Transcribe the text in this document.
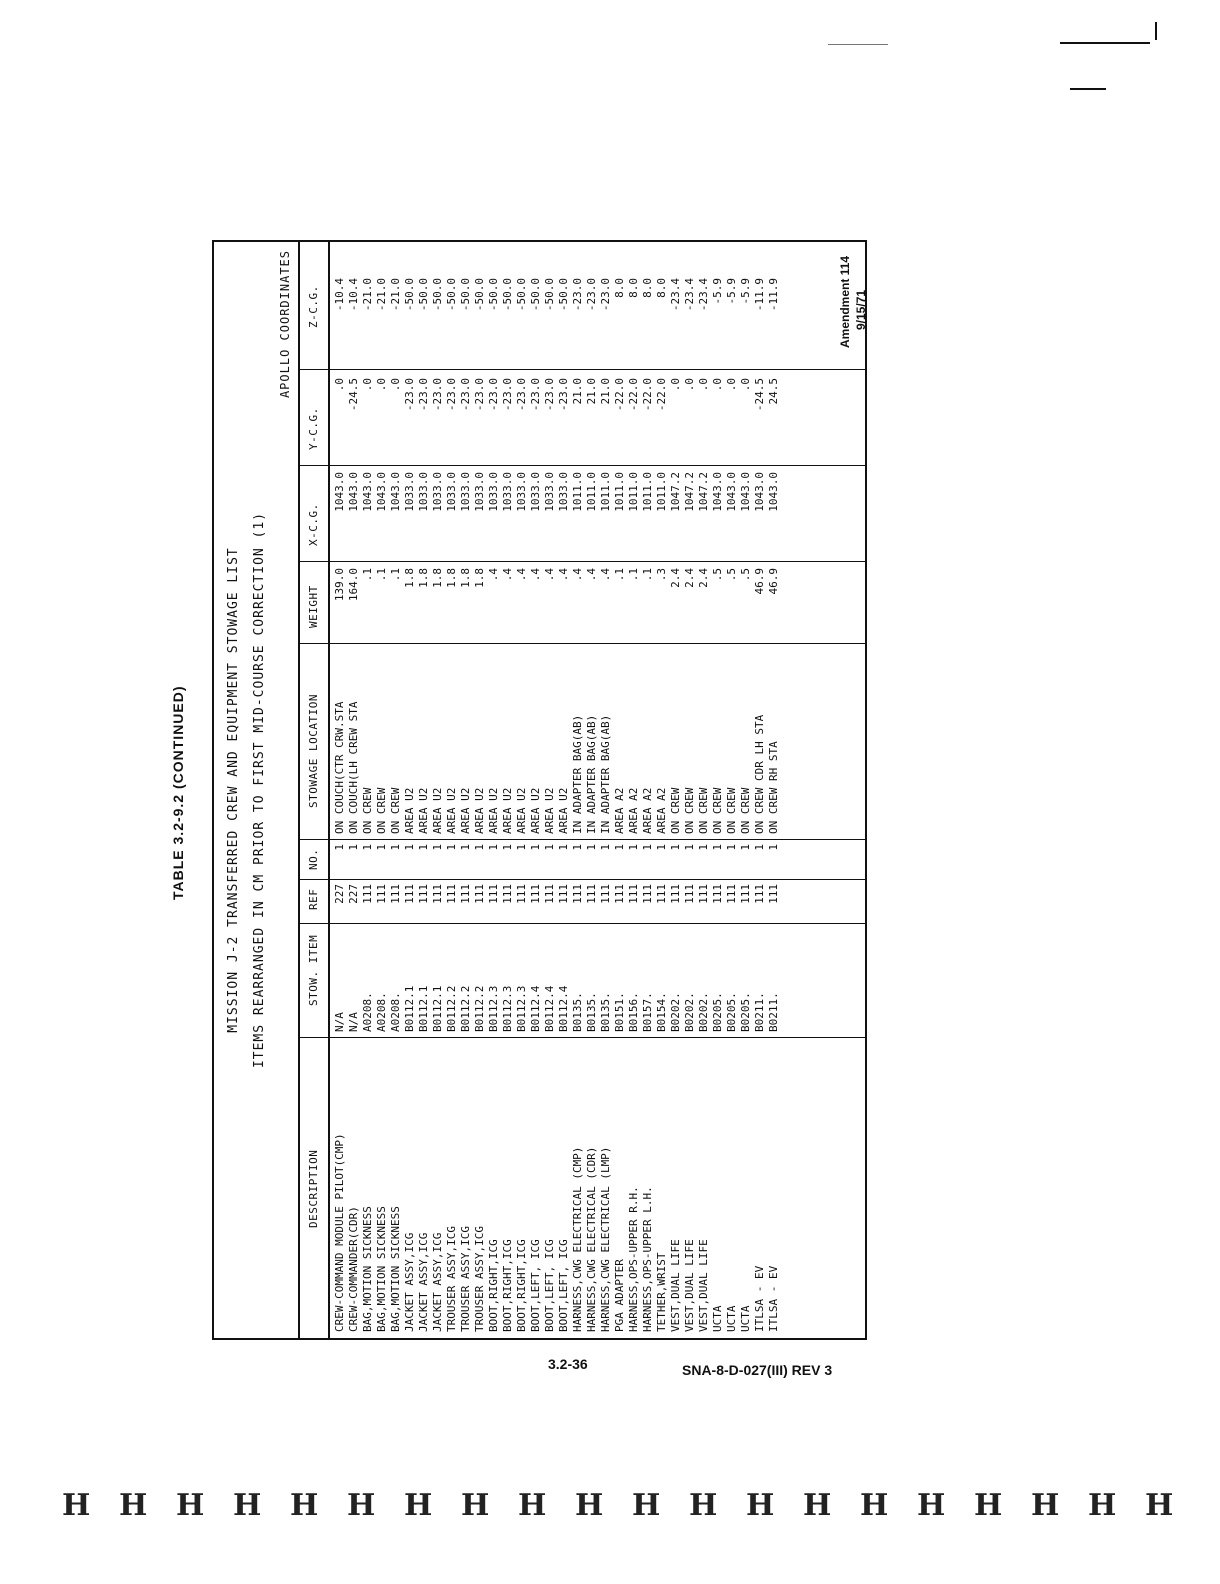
TABLE 3.2-9.2 (CONTINUED)
Amendment 114 9/15/71
MISSION J-2 TRANSFERRED CREW AND EQUIPMENT STOWAGE LIST ITEMS REARRANGED IN CM PRIOR TO FIRST MID-COURSE CORRECTION (1)
APOLLO COORDINATES
DESCRIPTION
STOW. ITEM
REF
NO.
STOWAGE LOCATION
WEIGHT
X-C.G.
Y-C.G.
Z-C.G.
CREW-COMMAND MODULE PILOT(CMP)
N/A
227
1
ON COUCH(CTR CRW.STA
139.0
1043.0
.0
-10.4
CREW-COMMANDER(CDR)
N/A
227
1
ON COUCH(LH CREW STA
164.0
1043.0
-24.5
-10.4
BAG,MOTION SICKNESS
A0208.
111
1
ON CREW
.1
1043.0
.0
-21.0
BAG,MOTION SICKNESS
A0208.
111
1
ON CREW
.1
1043.0
.0
-21.0
BAG,MOTION SICKNESS
A0208.
111
1
ON CREW
.1
1043.0
.0
-21.0
JACKET ASSY,ICG
B0112.1
111
1
AREA U2
1.8
1033.0
-23.0
-50.0
JACKET ASSY,ICG
B0112.1
111
1
AREA U2
1.8
1033.0
-23.0
-50.0
JACKET ASSY,ICG
B0112.1
111
1
AREA U2
1.8
1033.0
-23.0
-50.0
TROUSER ASSY,ICG
B0112.2
111
1
AREA U2
1.8
1033.0
-23.0
-50.0
TROUSER ASSY,ICG
B0112.2
111
1
AREA U2
1.8
1033.0
-23.0
-50.0
TROUSER ASSY,ICG
B0112.2
111
1
AREA U2
1.8
1033.0
-23.0
-50.0
BOOT,RIGHT,ICG
B0112.3
111
1
AREA U2
.4
1033.0
-23.0
-50.0
BOOT,RIGHT,ICG
B0112.3
111
1
AREA U2
.4
1033.0
-23.0
-50.0
BOOT,RIGHT,ICG
B0112.3
111
1
AREA U2
.4
1033.0
-23.0
-50.0
BOOT,LEFT, ICG
B0112.4
111
1
AREA U2
.4
1033.0
-23.0
-50.0
BOOT,LEFT, ICG
B0112.4
111
1
AREA U2
.4
1033.0
-23.0
-50.0
BOOT,LEFT, ICG
B0112.4
111
1
AREA U2
.4
1033.0
-23.0
-50.0
HARNESS,CWG ELECTRICAL (CMP)
B0135.
111
1
IN ADAPTER BAG(AB)
.4
1011.0
21.0
-23.0
HARNESS,CWG ELECTRICAL (CDR)
B0135.
111
1
IN ADAPTER BAG(AB)
.4
1011.0
21.0
-23.0
HARNESS,CWG ELECTRICAL (LMP)
B0135.
111
1
IN ADAPTER BAG(AB)
.4
1011.0
21.0
-23.0
PGA ADAPTER
B0151.
111
1
AREA A2
.1
1011.0
-22.0
8.0
HARNESS,OPS-UPPER R.H.
B0156.
111
1
AREA A2
.1
1011.0
-22.0
8.0
HARNESS,OPS-UPPER L.H.
B0157.
111
1
AREA A2
.1
1011.0
-22.0
8.0
TETHER,WRIST
B0154.
111
1
AREA A2
.3
1011.0
-22.0
8.0
VEST,DUAL LIFE
B0202.
111
1
ON CREW
2.4
1047.2
.0
-23.4
VEST,DUAL LIFE
B0202.
111
1
ON CREW
2.4
1047.2
.0
-23.4
VEST,DUAL LIFE
B0202.
111
1
ON CREW
2.4
1047.2
.0
-23.4
UCTA
B0205.
111
1
ON CREW
.5
1043.0
.0
-5.9
UCTA
B0205.
111
1
ON CREW
.5
1043.0
.0
-5.9
UCTA
B0205.
111
1
ON CREW
.5
1043.0
.0
-5.9
ITLSA - EV
B0211.
111
1
ON CREW CDR LH STA
46.9
1043.0
-24.5
-11.9
ITLSA - EV
B0211.
111
1
ON CREW RH STA
46.9
1043.0
24.5
-11.9
3.2-36	SNA-8-D-027(III) REV 3
H H H H H H H H H H H H H H H H H H H H
